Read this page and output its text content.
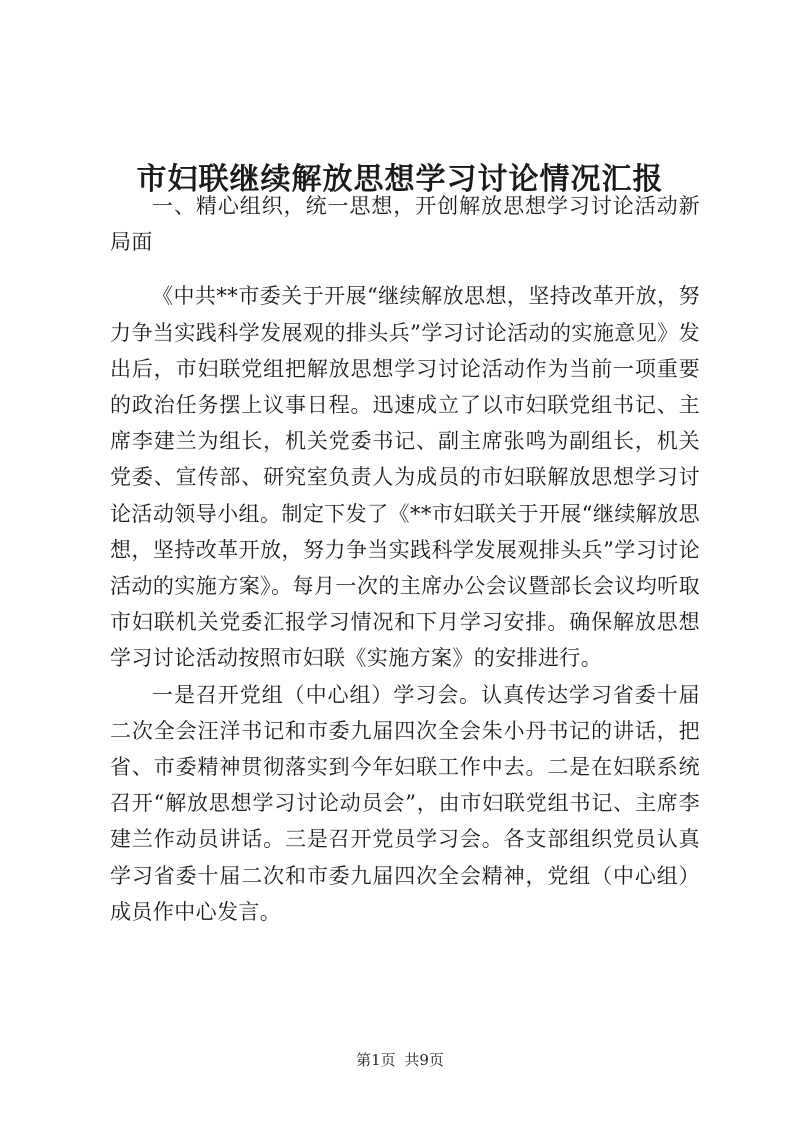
市妇联继续解放思想学习讨论情况汇报

一、精心组织，统一思想，开创解放思想学习讨论活动新局面

《中共**市委关于开展“继续解放思想，坚持改革开放，努力争当实践科学发展观的排头兵”学习讨论活动的实施意见》发出后，市妇联党组把解放思想学习讨论活动作为当前一项重要的政治任务摆上议事日程。迅速成立了以市妇联党组书记、主席李建兰为组长，机关党委书记、副主席张鸣为副组长，机关党委、宣传部、研究室负责人为成员的市妇联解放思想学习讨论活动领导小组。制定下发了《**市妇联关于开展“继续解放思想，坚持改革开放，努力争当实践科学发展观排头兵”学习讨论活动的实施方案》。每月一次的主席办公会议暨部长会议均听取市妇联机关党委汇报学习情况和下月学习安排。确保解放思想学习讨论活动按照市妇联《实施方案》的安排进行。

一是召开党组（中心组）学习会。认真传达学习省委十届二次全会汪洋书记和市委九届四次全会朱小丹书记的讲话，把省、市委精神贯彻落实到今年妇联工作中去。二是在妇联系统召开“解放思想学习讨论动员会”，由市妇联党组书记、主席李建兰作动员讲话。三是召开党员学习会。各支部组织党员认真学习省委十届二次和市委九届四次全会精神，党组（中心组）成员作中心发言。

第1页 共9页
